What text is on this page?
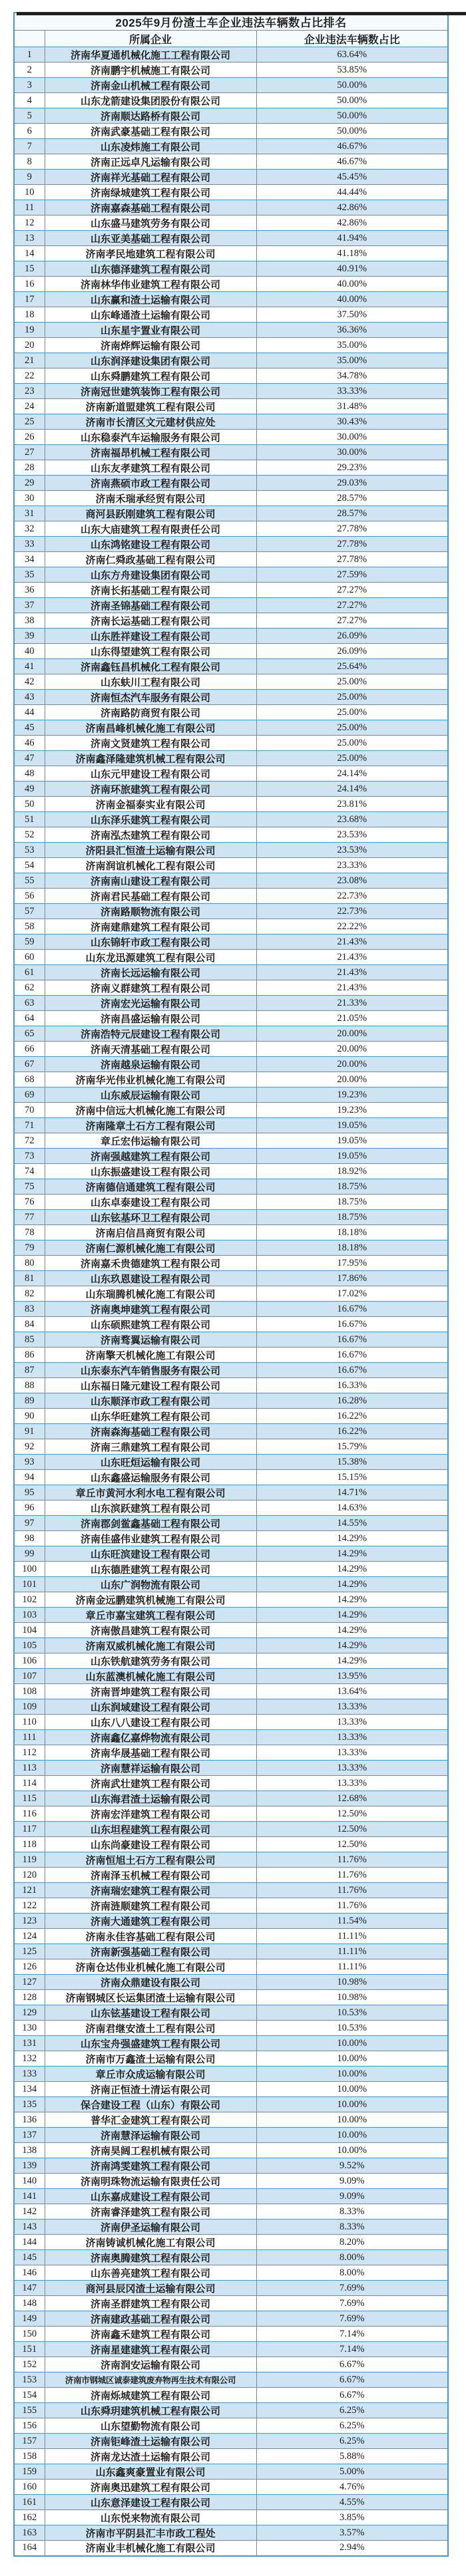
2025年9月份渣土车企业违法车辆数占比排名		
	所属企业	企业违法车辆数占比
1	济南华夏通机械化施工工程有限公司	63.64%
2	济南鹏宇机械施工有限公司	53.85%
3	济南金山机械工程有限公司	50.00%
4	山东龙箭建设集团股份有限公司	50.00%
5	济南顺达路桥有限公司	50.00%
6	济南武豪基础工程有限公司	50.00%
7	山东凌炜施工有限公司	46.67%
8	济南正远卓凡运输有限公司	46.67%
9	济南祥光基础工程有限公司	45.45%
10	济南绿城建筑工程有限公司	44.44%
11	济南嘉森基础工程有限公司	42.86%
12	山东盛马建筑劳务有限公司	42.86%
13	山东亚美基础工程有限公司	41.94%
14	济南孝民地建筑工程有限公司	41.18%
15	山东德泽建筑工程有限公司	40.91%
16	济南林华伟业建筑工程有限公司	40.00%
17	山东赢和渣土运输有限公司	40.00%
18	山东峰通渣土运输有限公司	37.50%
19	山东星宇置业有限公司	36.36%
20	济南烨辉运输有限公司	35.00%
21	山东润泽建设集团有限公司	35.00%
22	山东舜鹏建筑工程有限公司	34.78%
23	济南冠世建筑装饰工程有限公司	33.33%
24	济南新道盟建筑工程有限公司	31.48%
25	济南市长清区文元建材供应处	30.43%
26	山东稳泰汽车运输服务有限公司	30.00%
27	济南福昂机械工程有限公司	30.00%
28	山东友孝建筑工程有限公司	29.23%
29	济南燕硕市政工程有限公司	29.03%
30	济南禾瑞承经贸有限公司	28.57%
31	商河县跃刚建筑工程有限公司	28.57%
32	山东大庙建筑工程有限责任公司	27.78%
33	山东鸿铭建设工程有限公司	27.78%
34	济南仁舜政基础工程有限公司	27.78%
35	山东方舟建设集团有限公司	27.59%
36	济南长拓基础工程有限公司	27.27%
37	济南圣锦基础工程有限公司	27.27%
38	济南长运基础工程有限公司	27.27%
39	山东胜祥建设工程有限公司	26.09%
40	山东得望建筑工程有限公司	26.09%
41	济南鑫钰昌机械化工程有限公司	25.64%
42	山东蚨川工程有限公司	25.00%
43	济南恒杰汽车服务有限公司	25.00%
44	济南路防商贸有限公司	25.00%
45	济南昌峰机械化施工有限公司	25.00%
46	济南文贤建筑工程有限公司	25.00%
47	济南鑫泽隆建筑机械工程有限公司	25.00%
48	山东元甲建设工程有限公司	24.14%
49	济南环旅建筑工程有限公司	24.14%
50	济南金福泰实业有限公司	23.81%
51	山东泽乐建筑工程有限公司	23.68%
52	济南泓杰建筑工程有限公司	23.53%
53	济阳县汇恒渣土运输有限公司	23.53%
54	济南润谊机械化工程有限公司	23.33%
55	济南南山建设工程有限公司	23.08%
56	济南君民基础工程有限公司	22.73%
57	济南路顺物流有限公司	22.73%
58	济南建鼎建筑工程有限公司	22.22%
59	山东锦轩市政工程有限公司	21.43%
60	山东龙迅源建筑工程有限公司	21.43%
61	济南长远运输有限公司	21.43%
62	济南义群建筑工程有限公司	21.43%
63	济南宏光运输有限公司	21.33%
64	济南昌盛运输有限公司	21.05%
65	济南浩特元辰建设工程有限公司	20.00%
66	济南天清基础工程有限公司	20.00%
67	济南越泉运输有限公司	20.00%
68	济南华光伟业机械化施工有限公司	20.00%
69	山东威辰运输有限公司	19.23%
70	济南中信远大机械化施工有限公司	19.23%
71	济南隆章土石方工程有限公司	19.05%
72	章丘宏伟运输有限公司	19.05%
73	济南强越建筑工程有限公司	19.05%
74	山东振盛建设工程有限公司	18.92%
75	济南德信通建筑工程有限公司	18.75%
76	山东卓泰建设工程有限公司	18.75%
77	山东铉基环卫工程有限公司	18.75%
78	济南启信昌商贸有限公司	18.18%
79	济南仁源机械化施工有限公司	18.18%
80	济南嘉禾贵德建筑工程有限公司	17.95%
81	山东玖恩建设工程有限公司	17.86%
82	山东瑞腾机械化施工有限公司	17.02%
83	济南奥坤建筑工程有限公司	16.67%
84	山东硕熙建筑工程有限公司	16.67%
85	济南骛翼运输有限公司	16.67%
86	济南擎天机械化施工有限公司	16.67%
87	山东泰东汽车销售服务有限公司	16.67%
88	山东福日隆元建设工程有限公司	16.33%
89	山东顺泽市政工程有限公司	16.28%
90	山东华旺建筑工程有限公司	16.22%
91	济南森海基础工程有限公司	16.22%
92	济南三鼎建筑工程有限公司	15.79%
93	山东旺烜运输有限公司	15.38%
94	山东鑫盛运输服务有限公司	15.15%
95	章丘市黄河水利水电工程有限公司	14.71%
96	山东滨跃建筑工程有限公司	14.63%
97	济南郡剑鲎鑫基础工程有限公司	14.55%
98	济南佳盛伟业建筑工程有限公司	14.29%
99	山东旺滨建设工程有限公司	14.29%
100	山东德胜建筑工程有限公司	14.29%
101	山东广润物流有限公司	14.29%
102	济南金远鹏建筑机械施工有限公司	14.29%
103	章丘市嘉宝建筑工程有限公司	14.29%
104	济南傲昌建筑工程有限公司	14.29%
105	济南双威机械化施工有限公司	14.29%
106	山东铁航建筑劳务有限公司	14.29%
107	山东蓝澳机械化施工有限公司	13.95%
108	济南晋坤建筑工程有限公司	13.64%
109	山东润域建设工程有限公司	13.33%
110	山东八八建设工程有限公司	13.33%
111	济南鑫亿嘉烨物流有限公司	13.33%
112	济南华晟基础工程有限公司	13.33%
113	济南慧祥运输有限公司	13.33%
114	济南武壮建筑工程有限公司	13.33%
115	山东海君渣土运输有限公司	12.68%
116	济南宏洋建筑工程有限公司	12.50%
117	山东坦程建筑工程有限公司	12.50%
118	山东尚豪建设工程有限公司	12.50%
119	济南恒旭土石方工程有限公司	11.76%
120	济南泽玉机械工程有限公司	11.76%
121	济南瑞宏建筑工程有限公司	11.76%
122	济南涟顺建筑工程有限公司	11.76%
123	济南大通建筑工程有限公司	11.54%
124	济南永佳容基础工程有限公司	11.11%
125	济南新强基础工程有限公司	11.11%
126	济南仓达伟业机械化施工有限公司	11.11%
127	济南众鼎建设有限公司	10.98%
128	济南钢城区长运集团渣土运输有限公司	10.98%
129	山东铉基建设工程有限公司	10.53%
130	济南君继安渣土工程有限公司	10.53%
131	山东宝舟强盛建筑工程有限公司	10.00%
132	济南市万鑫渣土运输有限公司	10.00%
133	章丘市众成运输有限公司	10.00%
134	济南正恒渣土清运有限公司	10.00%
135	保合建设工程（山东）有限公司	10.00%
136	普华汇金建筑工程有限公司	10.00%
137	济南慧泽运输有限公司	10.00%
138	济南昊阔工程机械有限公司	10.00%
139	济南鸿雯建筑工程有限公司	9.52%
140	济南明珠物流运输有限责任公司	9.09%
141	山东嘉成建设工程有限公司	9.09%
142	济南睿泽建筑工程有限公司	8.33%
143	济南伊圣运输有限公司	8.33%
144	济南铸诚机械化施工有限公司	8.20%
145	济南奥腾建筑工程有限公司	8.00%
146	山东善亮建筑工程有限公司	8.00%
147	商河县辰冈渣土运输有限公司	7.69%
148	济南圣群建筑工程有限公司	7.69%
149	济南建政基础工程有限公司	7.69%
150	济南鑫禾建筑工程有限公司	7.14%
151	济南星建建筑工程有限公司	7.14%
152	济南润安运输有限公司	6.67%
153	济南市钢城区诚泰建筑废弃物再生技术有限公司	6.67%
154	济南烁城建筑工程有限公司	6.67%
155	山东舜玥建筑机械工程有限公司	6.25%
156	山东望勤物流有限公司	6.25%
157	济南钜峰渣土运输有限公司	6.25%
158	济南龙达渣土运输有限公司	5.88%
159	山东鑫爽豪置业有限公司	5.00%
160	济南奥迅建筑工程有限公司	4.76%
161	山东意泽建设工程有限公司	4.55%
162	山东悦来物流有限公司	3.85%
163	济南市平阴县汇丰市政工程处	3.57%
164	济南业丰机械化施工有限公司	2.94%
